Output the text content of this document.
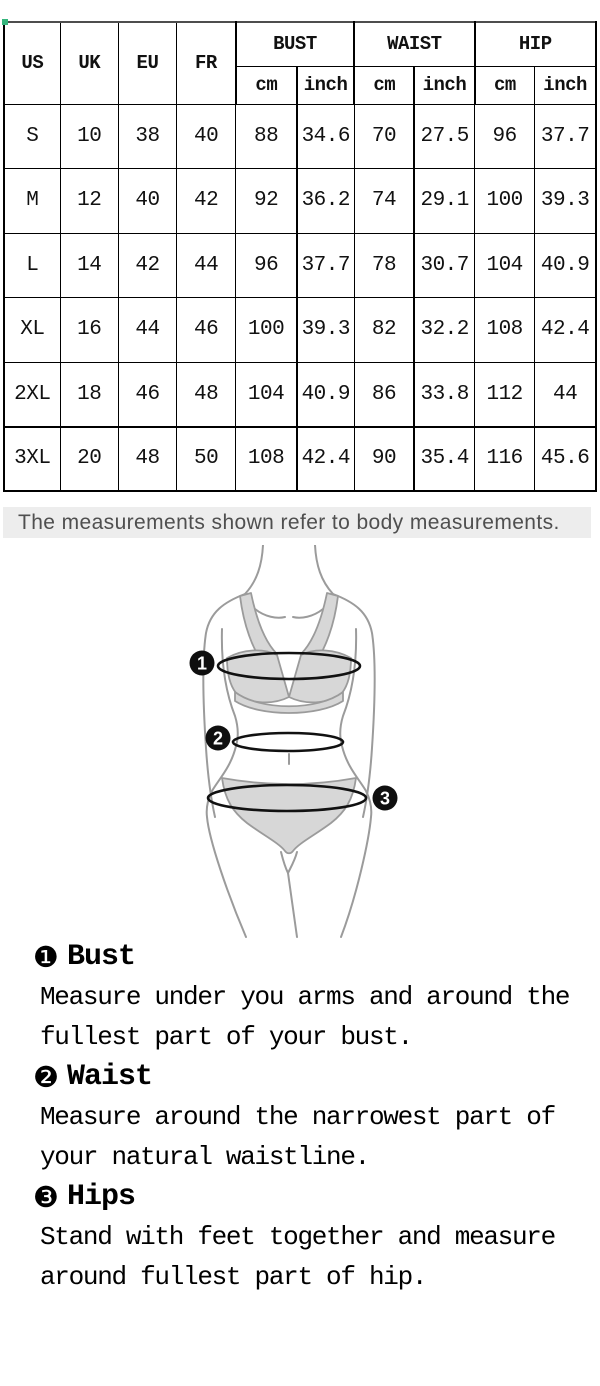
US	UK	EU	FR	BUST		WAIST		HIP	
				cm	inch	cm	inch	cm	inch
S	10	38	40	88	34.6	70	27.5	96	37.7
M	12	40	42	92	36.2	74	29.1	100	39.3
L	14	42	44	96	37.7	78	30.7	104	40.9
XL	16	44	46	100	39.3	82	32.2	108	42.4
2XL	18	46	48	104	40.9	86	33.8	112	44
3XL	20	48	50	108	42.4	90	35.4	116	45.6
The measurements shown refer to body measurements.
1
2
3
❶ Bust
Measure under you arms and around the
fullest part of your bust.
❷ Waist
Measure around the narrowest part of
your natural waistline.
❸ Hips
Stand with feet together and measure
around fullest part of hip.
